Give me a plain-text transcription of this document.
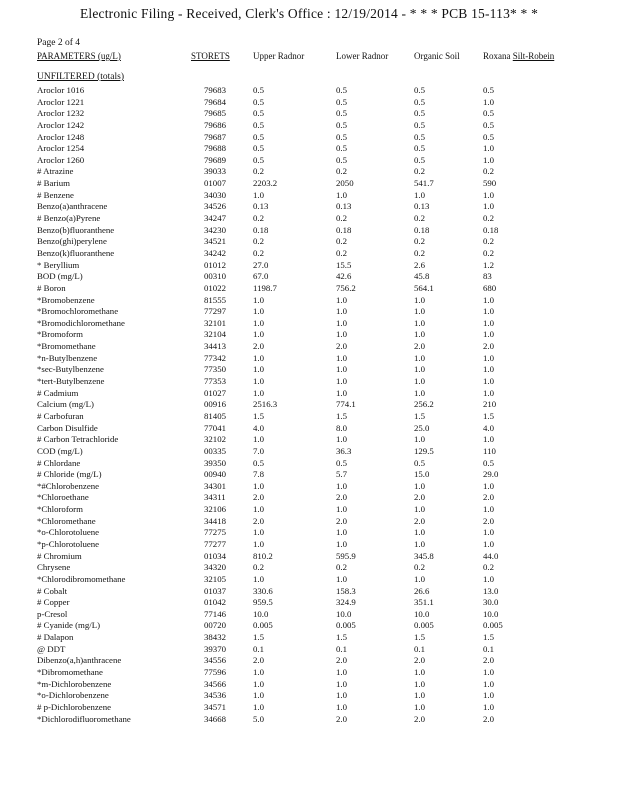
Electronic Filing - Received, Clerk's Office : 12/19/2014 - * * * PCB 15-113* * *
Page 2 of 4
PARAMETERS (ug/L)	STORETS	Upper Radnor	Lower Radnor	Organic Soil	Roxana Silt-Robein
UNFILTERED (totals)
Aroclor 1016	79683	0.5	0.5	0.5	0.5
Aroclor 1221	79684	0.5	0.5	0.5	1.0
Aroclor 1232	79685	0.5	0.5	0.5	0.5
Aroclor 1242	79686	0.5	0.5	0.5	0.5
Aroclor 1248	79687	0.5	0.5	0.5	0.5
Aroclor 1254	79688	0.5	0.5	0.5	1.0
Aroclor 1260	79689	0.5	0.5	0.5	1.0
# Atrazine	39033	0.2	0.2	0.2	0.2
# Barium	01007	2203.2	2050	541.7	590
# Benzene	34030	1.0	1.0	1.0	1.0
Benzo(a)anthracene	34526	0.13	0.13	0.13	1.0
# Benzo(a)Pyrene	34247	0.2	0.2	0.2	0.2
Benzo(b)fluoranthene	34230	0.18	0.18	0.18	0.18
Benzo(ghi)perylene	34521	0.2	0.2	0.2	0.2
Benzo(k)fluoranthene	34242	0.2	0.2	0.2	0.2
* Beryllium	01012	27.0	15.5	2.6	1.2
BOD (mg/L)	00310	67.0	42.6	45.8	83
# Boron	01022	1198.7	756.2	564.1	680
*Bromobenzene	81555	1.0	1.0	1.0	1.0
*Bromochloromethane	77297	1.0	1.0	1.0	1.0
*Bromodichloromethane	32101	1.0	1.0	1.0	1.0
*Bromoform	32104	1.0	1.0	1.0	1.0
*Bromomethane	34413	2.0	2.0	2.0	2.0
*n-Butylbenzene	77342	1.0	1.0	1.0	1.0
*sec-Butylbenzene	77350	1.0	1.0	1.0	1.0
*tert-Butylbenzene	77353	1.0	1.0	1.0	1.0
# Cadmium	01027	1.0	1.0	1.0	1.0
Calcium (mg/L)	00916	2516.3	774.1	256.2	210
# Carbofuran	81405	1.5	1.5	1.5	1.5
Carbon Disulfide	77041	4.0	8.0	25.0	4.0
# Carbon Tetrachloride	32102	1.0	1.0	1.0	1.0
COD (mg/L)	00335	7.0	36.3	129.5	110
# Chlordane	39350	0.5	0.5	0.5	0.5
# Chloride (mg/L)	00940	7.8	5.7	15.0	29.0
*#Chlorobenzene	34301	1.0	1.0	1.0	1.0
*Chloroethane	34311	2.0	2.0	2.0	2.0
*Chloroform	32106	1.0	1.0	1.0	1.0
*Chloromethane	34418	2.0	2.0	2.0	2.0
*o-Chlorotoluene	77275	1.0	1.0	1.0	1.0
*p-Chlorotoluene	77277	1.0	1.0	1.0	1.0
# Chromium	01034	810.2	595.9	345.8	44.0
Chrysene	34320	0.2	0.2	0.2	0.2
*Chlorodibromomethane	32105	1.0	1.0	1.0	1.0
# Cobalt	01037	330.6	158.3	26.6	13.0
# Copper	01042	959.5	324.9	351.1	30.0
p-Cresol	77146	10.0	10.0	10.0	10.0
# Cyanide (mg/L)	00720	0.005	0.005	0.005	0.005
# Dalapon	38432	1.5	1.5	1.5	1.5
@ DDT	39370	0.1	0.1	0.1	0.1
Dibenzo(a,h)anthracene	34556	2.0	2.0	2.0	2.0
*Dibromomethane	77596	1.0	1.0	1.0	1.0
*m-Dichlorobenzene	34566	1.0	1.0	1.0	1.0
*o-Dichlorobenzene	34536	1.0	1.0	1.0	1.0
# p-Dichlorobenzene	34571	1.0	1.0	1.0	1.0
*Dichlorodifluoromethane	34668	5.0	2.0	2.0	2.0
